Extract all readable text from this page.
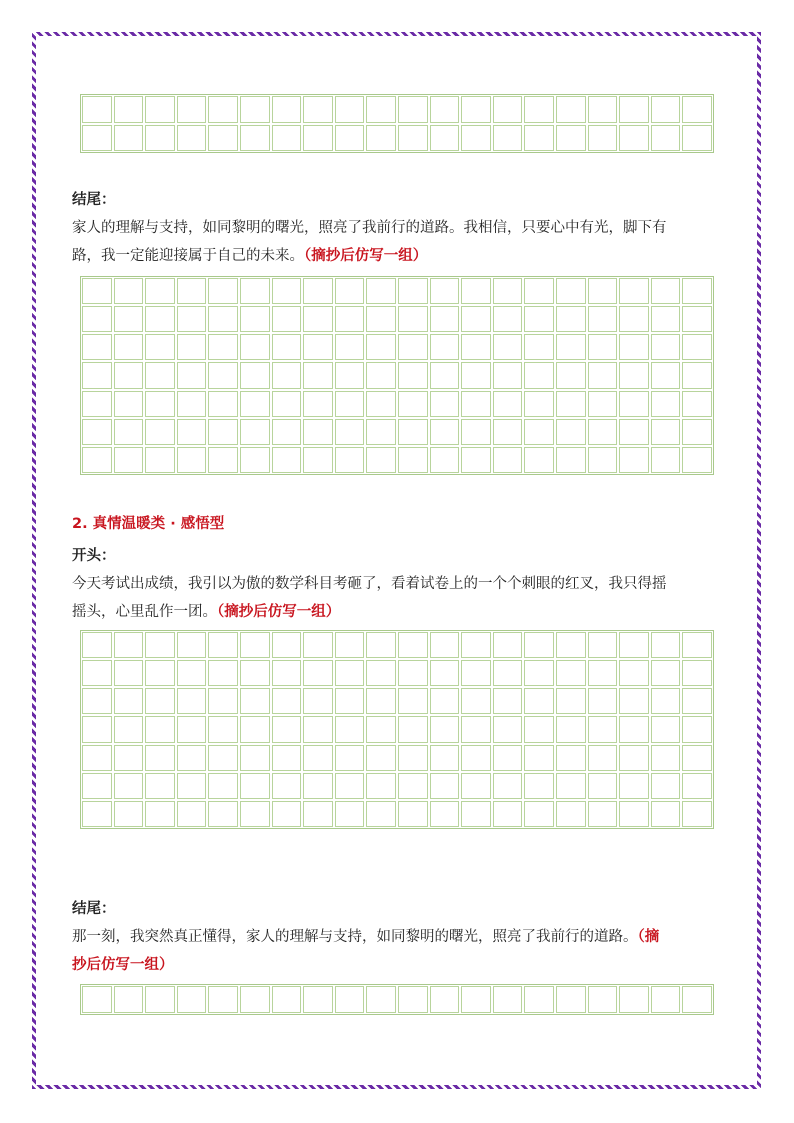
结尾：
家人的理解与支持，如同黎明的曙光，照亮了我前行的道路。我相信，只要心中有光，脚下有
路，我一定能迎接属于自己的未来。（摘抄后仿写一组）
2. 真情温暖类 · 感悟型
开头：
今天考试出成绩，我引以为傲的数学科目考砸了，看着试卷上的一个个刺眼的红叉，我只得摇
摇头，心里乱作一团。（摘抄后仿写一组）
结尾：
那一刻，我突然真正懂得，家人的理解与支持，如同黎明的曙光，照亮了我前行的道路。（摘
抄后仿写一组）
